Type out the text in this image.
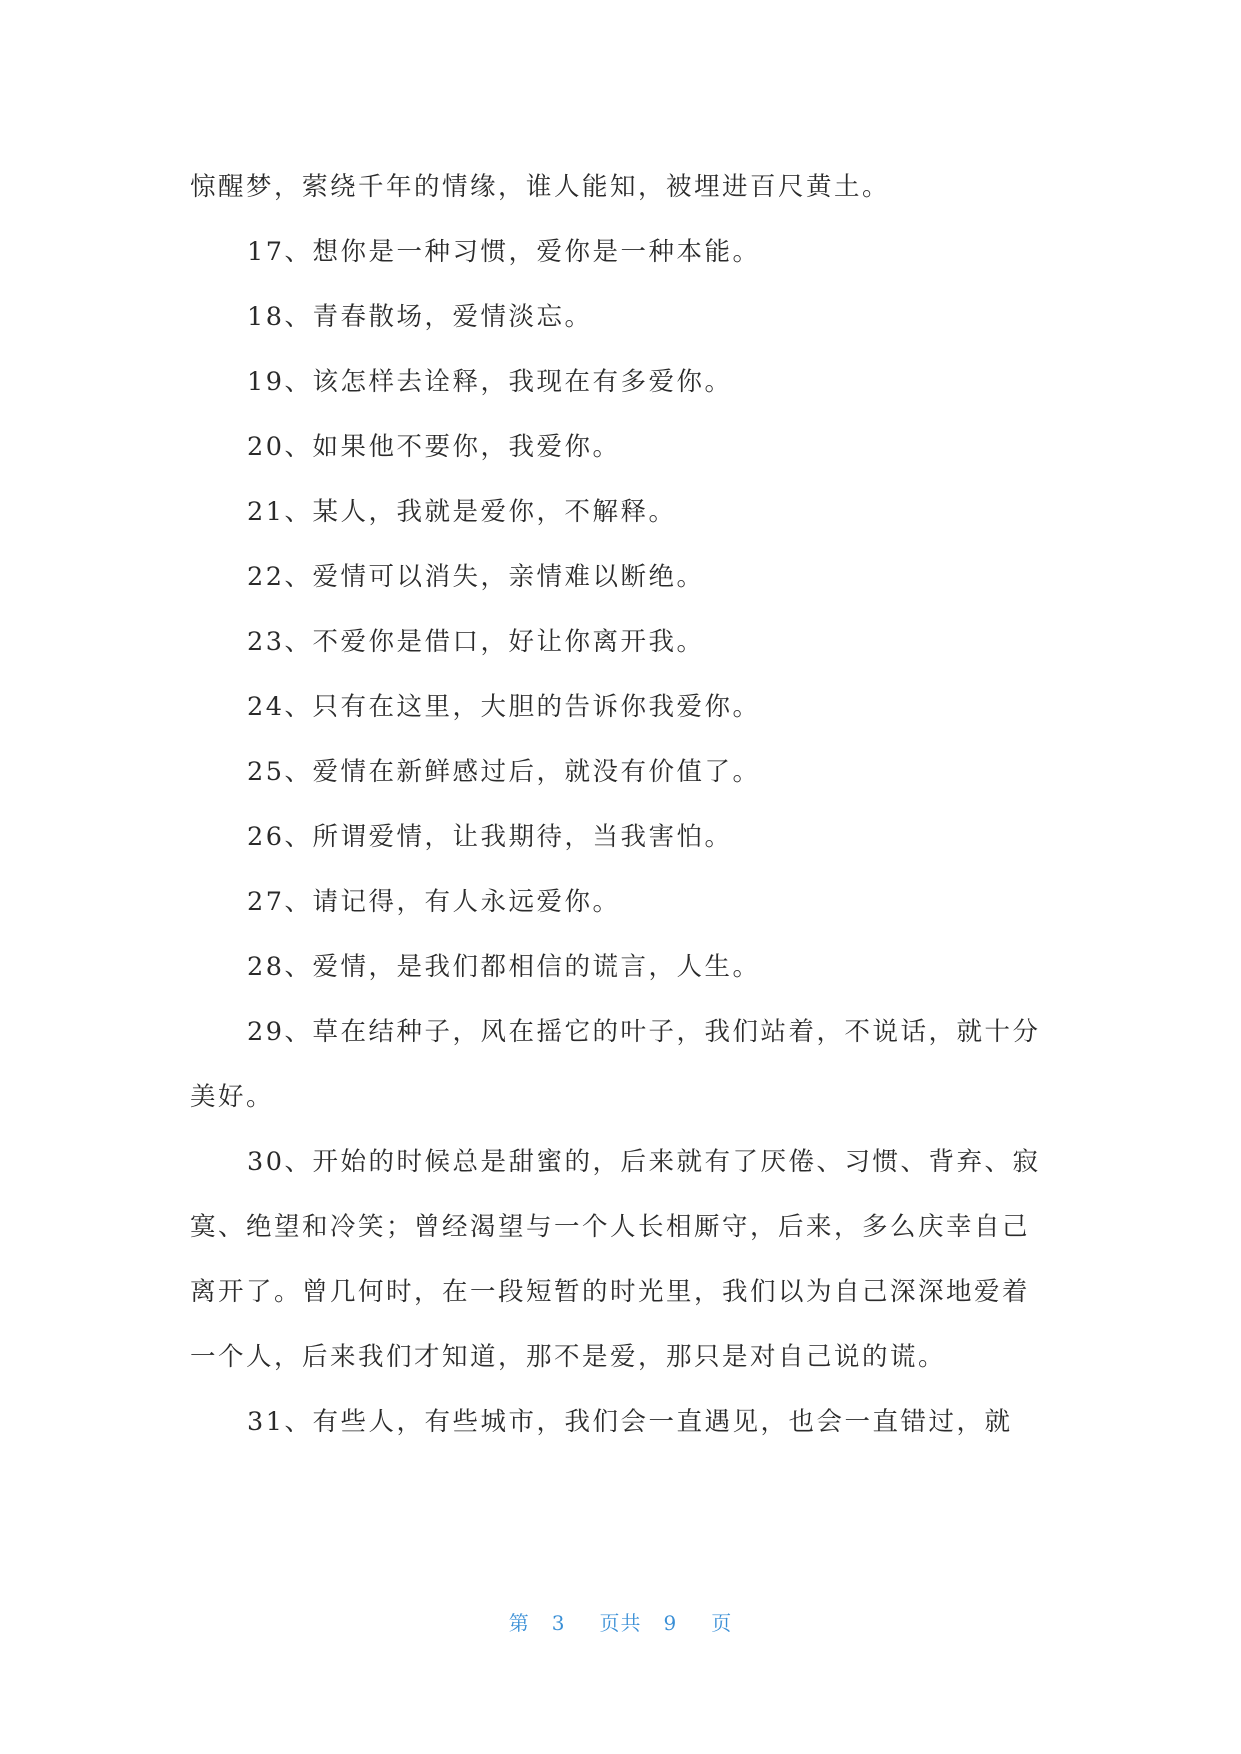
惊醒梦，萦绕千年的情缘，谁人能知，被埋进百尺黄土。

17、想你是一种习惯，爱你是一种本能。

18、青春散场，爱情淡忘。

19、该怎样去诠释，我现在有多爱你。

20、如果他不要你，我爱你。

21、某人，我就是爱你，不解释。

22、爱情可以消失，亲情难以断绝。

23、不爱你是借口，好让你离开我。

24、只有在这里，大胆的告诉你我爱你。

25、爱情在新鲜感过后，就没有价值了。

26、所谓爱情，让我期待，当我害怕。

27、请记得，有人永远爱你。

28、爱情，是我们都相信的谎言，人生。

29、草在结种子，风在摇它的叶子，我们站着，不说话，就十分美好。

30、开始的时候总是甜蜜的，后来就有了厌倦、习惯、背弃、寂寞、绝望和冷笑；曾经渴望与一个人长相厮守，后来，多么庆幸自己离开了。曾几何时，在一段短暂的时光里，我们以为自己深深地爱着一个人，后来我们才知道，那不是爱，那只是对自己说的谎。

31、有些人，有些城市，我们会一直遇见，也会一直错过，就

第 3 页共 9 页
